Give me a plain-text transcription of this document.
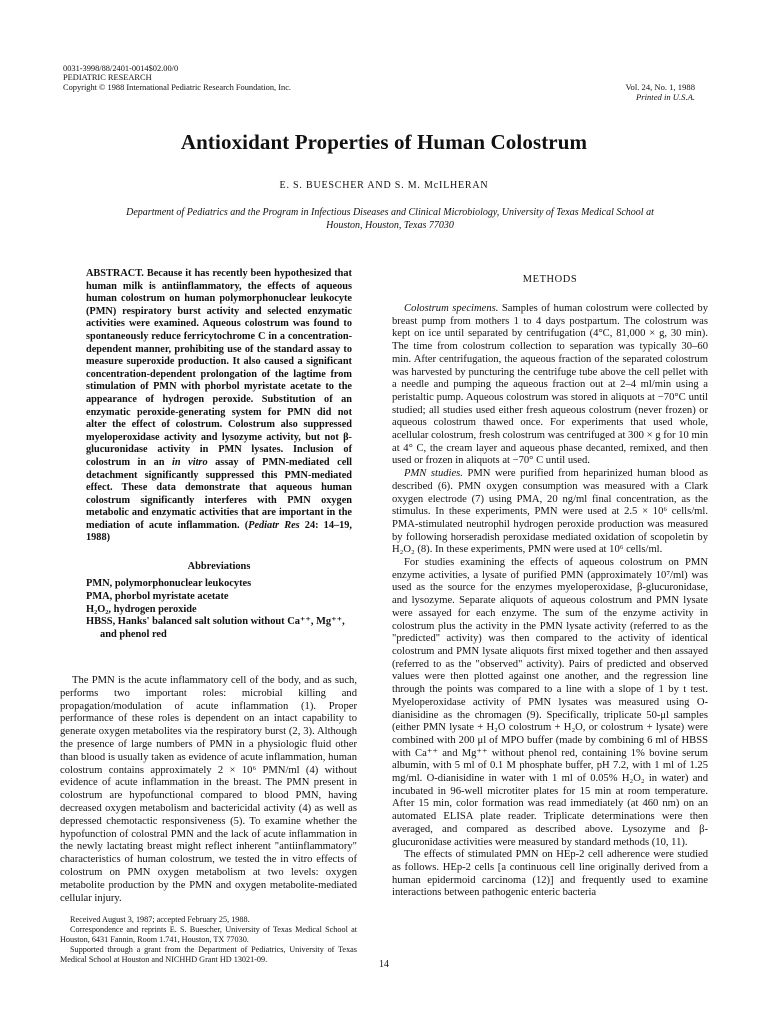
0031-3998/88/2401-0014$02.00/0
PEDIATRIC RESEARCH
Copyright © 1988 International Pediatric Research Foundation, Inc.	Vol. 24, No. 1, 1988
Printed in U.S.A.
Antioxidant Properties of Human Colostrum
E. S. BUESCHER AND S. M. McILHERAN
Department of Pediatrics and the Program in Infectious Diseases and Clinical Microbiology, University of Texas Medical School at Houston, Houston, Texas 77030

ABSTRACT. Because it has recently been hypothesized that human milk is antiinflammatory, the effects of aqueous human colostrum on human polymorphonuclear leukocyte (PMN) respiratory burst activity and selected enzymatic activities were examined. Aqueous colostrum was found to spontaneously reduce ferricytochrome C in a concentration-dependent manner, prohibiting use of the standard assay to measure superoxide production. It also caused a significant concentration-dependent prolongation of the lagtime from stimulation of PMN with phorbol myristate acetate to the appearance of hydrogen peroxide. Substitution of an enzymatic peroxide-generating system for PMN did not alter the effect of colostrum. Colostrum also suppressed myeloperoxidase activity and lysozyme activity, but not β-glucuronidase activity in PMN lysates. Inclusion of colostrum in an in vitro assay of PMN-mediated cell detachment significantly suppressed this PMN-mediated effect. These data demonstrate that aqueous human colostrum significantly interferes with PMN oxygen metabolic and enzymatic activities that are important in the mediation of acute inflammation. (Pediatr Res 24: 14–19, 1988)

Abbreviations
PMN, polymorphonuclear leukocytes
PMA, phorbol myristate acetate
H₂O₂, hydrogen peroxide
HBSS, Hanks' balanced salt solution without Ca⁺⁺, Mg⁺⁺, and phenol red

The PMN is the acute inflammatory cell of the body, and as such, performs two important roles: microbial killing and propagation/modulation of acute inflammation (1). Proper performance of these roles is dependent on an intact capability to generate oxygen metabolites via the respiratory burst (2, 3). Although the presence of large numbers of PMN in a physiologic fluid other than blood is usually taken as evidence of acute inflammation, human colostrum contains approximately 2 × 10⁶ PMN/ml (4) without evidence of acute inflammation in the breast. The PMN present in colostrum are hypofunctional compared to blood PMN, having decreased oxygen metabolism and bactericidal activity (4) as well as depressed chemotactic responsiveness (5). To examine whether the hypofunction of colostral PMN and the lack of acute inflammation in the newly lactating breast might reflect inherent "antiinflammatory" characteristics of human colostrum, we tested the in vitro effects of colostrum on PMN oxygen metabolism at two levels: oxygen metabolite production by the PMN and oxygen metabolite-mediated cellular injury.

Received August 3, 1987; accepted February 25, 1988.

Correspondence and reprints E. S. Buescher, University of Texas Medical School at Houston, 6431 Fannin, Room 1.741, Houston, TX 77030.

Supported through a grant from the Department of Pediatrics, University of Texas Medical School at Houston and NICHHD Grant HD 13021-09.

METHODS

Colostrum specimens. Samples of human colostrum were collected by breast pump from mothers 1 to 4 days postpartum. The colostrum was kept on ice until separated by centrifugation (4°C, 81,000 × g, 30 min). The time from colostrum collection to separation was typically 30–60 min. After centrifugation, the aqueous fraction of the separated colostrum was harvested by puncturing the centrifuge tube above the cell pellet with a needle and pumping the aqueous fraction out at 2–4 ml/min using a peristaltic pump. Aqueous colostrum was stored in aliquots at −70°C until studied; all studies used either fresh aqueous colostrum (never frozen) or aqueous colostrum thawed once. For experiments that used whole, acellular colostrum, fresh colostrum was centrifuged at 300 × g for 10 min at 4° C, the cream layer and aqueous phase decanted, remixed, and then used or frozen in aliquots at −70° C until used.

PMN studies. PMN were purified from heparinized human blood as described (6). PMN oxygen consumption was measured with a Clark oxygen electrode (7) using PMA, 20 ng/ml final concentration, as the stimulus. In these experiments, PMN were used at 2.5 × 10⁶ cells/ml. PMA-stimulated neutrophil hydrogen peroxide production was measured by following horseradish peroxidase mediated oxidation of scopoletin by H₂O₂ (8). In these experiments, PMN were used at 10⁶ cells/ml.

For studies examining the effects of aqueous colostrum on PMN enzyme activities, a lysate of purified PMN (approximately 10⁷/ml) was used as the source for the enzymes myeloperoxidase, β-glucuronidase, and lysozyme. Separate aliquots of aqueous colostrum and PMN lysate were assayed for each enzyme. The sum of the enzyme activity in colostrum plus the activity in the PMN lysate activity (referred to as the "predicted" activity) was then compared to the activity of identical colostrum and PMN lysate aliquots first mixed together and then assayed (referred to as the "observed" activity). Pairs of predicted and observed values were then plotted against one another, and the regression line through the points was compared to a line with a slope of 1 by t test. Myeloperoxidase activity of PMN lysates was measured using O-dianisidine as the chromagen (9). Specifically, triplicate 50-μl samples (either PMN lysate + H₂O colostrum + H₂O, or colostrum + lysate) were combined with 200 μl of MPO buffer (made by combining 6 ml of HBSS with Ca⁺⁺ and Mg⁺⁺ without phenol red, containing 1% bovine serum albumin, with 5 ml of 0.1 M phosphate buffer, pH 7.2, with 1 ml of 1.25 mg/ml. O-dianisidine in water with 1 ml of 0.05% H₂O₂ in water) and incubated in 96-well microtiter plates for 15 min at room temperature. After 15 min, color formation was read immediately (at 460 nm) on an automated ELISA plate reader. Triplicate determinations were then averaged, and compared as described above. Lysozyme and β-glucuronidase activities were measured by standard methods (10, 11).

The effects of stimulated PMN on HEp-2 cell adherence were studied as follows. HEp-2 cells [a continuous cell line originally derived from a human epidermoid carcinoma (12)] and frequently used to examine interactions between pathogenic enteric bacteria

14
